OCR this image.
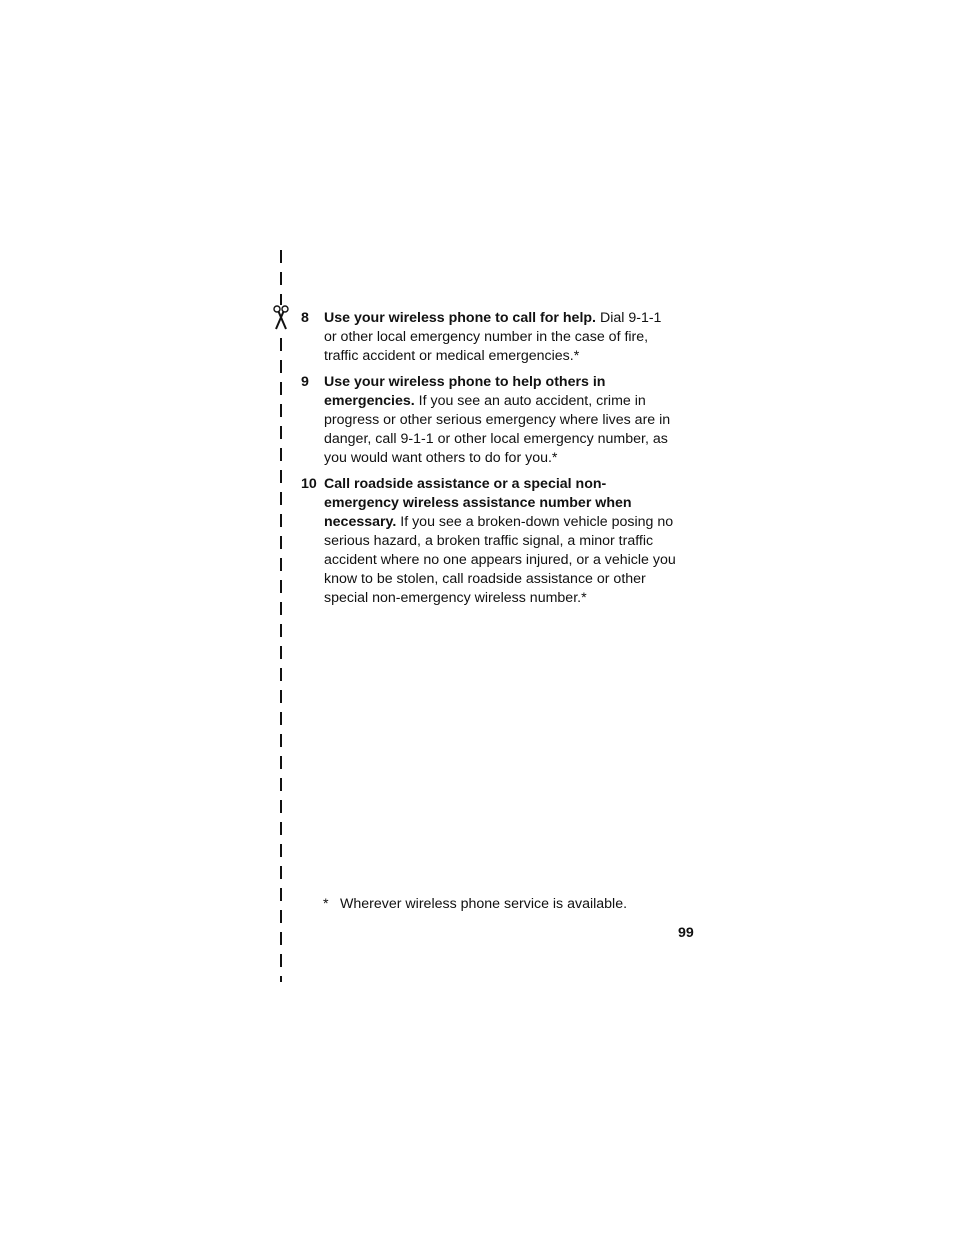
8	Use your wireless phone to call for help. Dial 9-1-1 or other local emergency number in the case of fire, traffic accident or medical emergencies.*
9	Use your wireless phone to help others in emergencies. If you see an auto accident, crime in progress or other serious emergency where lives are in danger, call 9-1-1 or other local emergency number, as you would want others to do for you.*
10 Call roadside assistance or a special non-emergency wireless assistance number when necessary. If you see a broken-down vehicle posing no serious hazard, a broken traffic signal, a minor traffic accident where no one appears injured, or a vehicle you know to be stolen, call roadside assistance or other special non-emergency wireless number.*
* Wherever wireless phone service is available.
99
